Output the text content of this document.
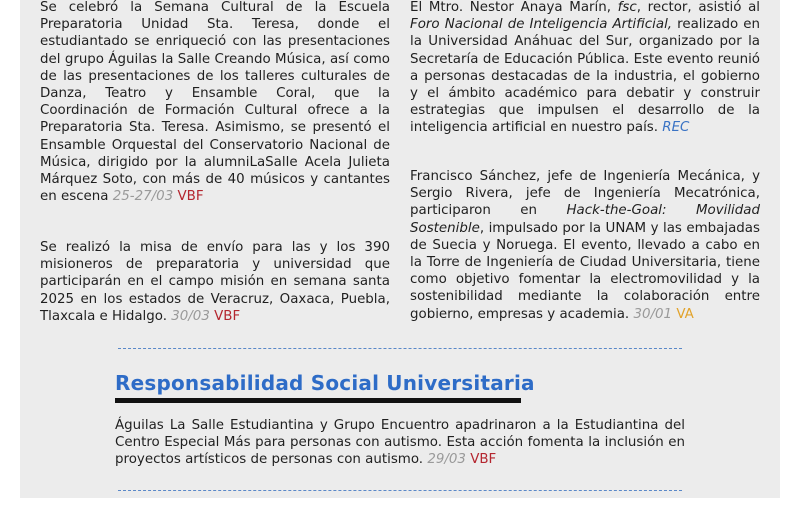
Se celebró la Semana Cultural de la Escuela Preparatoria Unidad Sta. Teresa, donde el estudiantado se enriqueció con las presentaciones del grupo Águilas la Salle Creando Música, así como de las presentaciones de los talleres culturales de Danza, Teatro y Ensamble Coral, que la Coordinación de Formación Cultural ofrece a la Preparatoria Sta. Teresa. Asimismo, se presentó el Ensamble Orquestal del Conservatorio Nacional de Música, dirigido por la alumniLaSalle Acela Julieta Márquez Soto, con más de 40 músicos y cantantes en escena 25-27/03 VBF

Se realizó la misa de envío para las y los 390 misioneros de preparatoria y universidad que participarán en el campo misión en semana santa 2025 en los estados de Veracruz, Oaxaca, Puebla, Tlaxcala e Hidalgo. 30/03 VBF

El Mtro. Nestor Anaya Marín, fsc, rector, asistió al Foro Nacional de Inteligencia Artificial, realizado en la Universidad Anáhuac del Sur, organizado por la Secretaría de Educación Pública. Este evento reunió a personas destacadas de la industria, el gobierno y el ámbito académico para debatir y construir estrategias que impulsen el desarrollo de la inteligencia artificial en nuestro país. REC

Francisco Sánchez, jefe de Ingeniería Mecánica, y Sergio Rivera, jefe de Ingeniería Mecatrónica, participaron en Hack-the-Goal: Movilidad Sostenible, impulsado por la UNAM y las embajadas de Suecia y Noruega. El evento, llevado a cabo en la Torre de Ingeniería de Ciudad Universitaria, tiene como objetivo fomentar la electromovilidad y la sostenibilidad mediante la colaboración entre gobierno, empresas y academia. 30/01 VA

Responsabilidad Social Universitaria

Águilas La Salle Estudiantina y Grupo Encuentro apadrinaron a la Estudiantina del Centro Especial Más para personas con autismo. Esta acción fomenta la inclusión en proyectos artísticos de personas con autismo. 29/03 VBF
